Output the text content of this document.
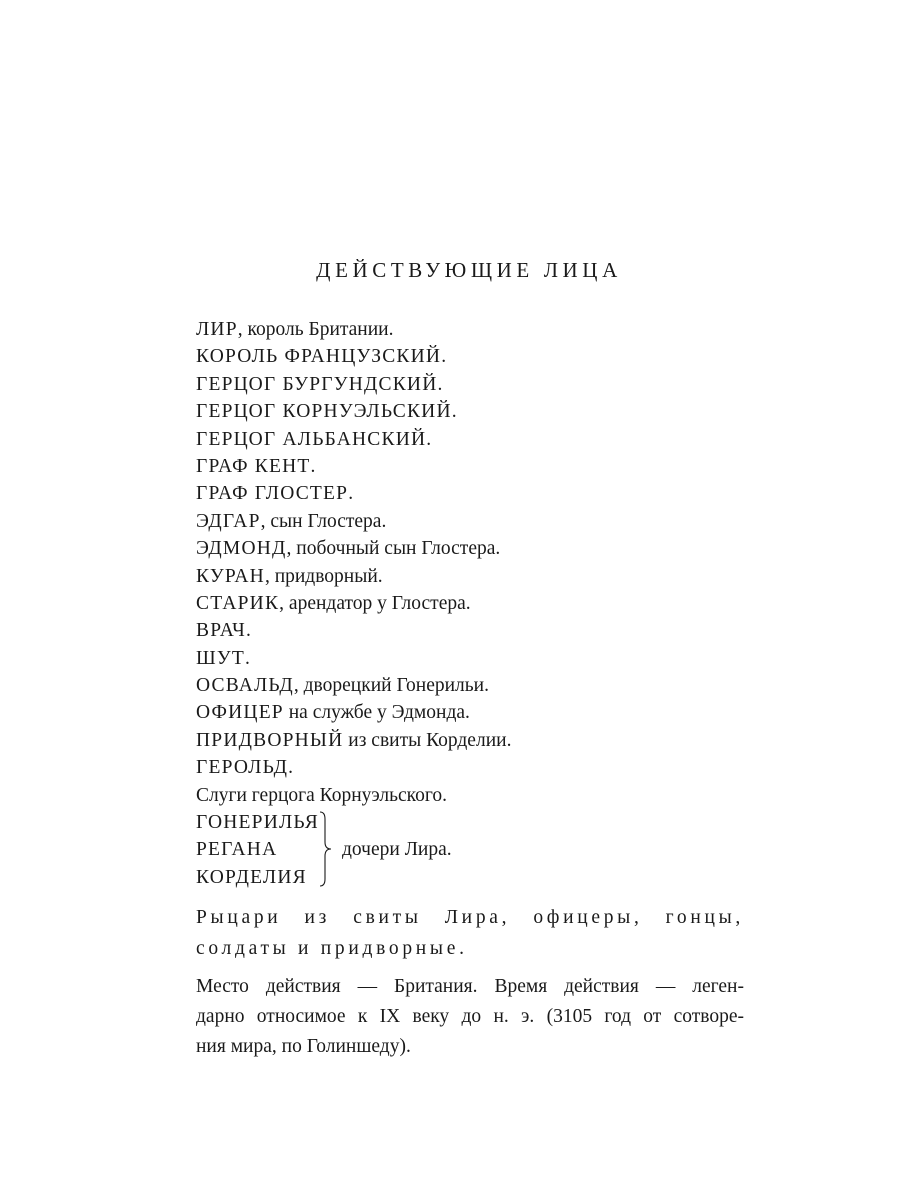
ДЕЙСТВУЮЩИЕ ЛИЦА
ЛИР, король Британии.
КОРОЛЬ ФРАНЦУЗСКИЙ.
ГЕРЦОГ БУРГУНДСКИЙ.
ГЕРЦОГ КОРНУЭЛЬСКИЙ.
ГЕРЦОГ АЛЬБАНСКИЙ.
ГРАФ КЕНТ.
ГРАФ ГЛОСТЕР.
ЭДГАР, сын Глостера.
ЭДМОНД, побочный сын Глостера.
КУРАН, придворный.
СТАРИК, арендатор у Глостера.
ВРАЧ.
ШУТ.
ОСВАЛЬД, дворецкий Гонерильи.
ОФИЦЕР на службе у Эдмонда.
ПРИДВОРНЫЙ из свиты Корделии.
ГЕРОЛЬД.
Слуги герцога Корнуэльского.
ГОНЕРИЛЬЯ
РЕГАНА
КОРДЕЛИЯ
дочери Лира.
Рыцари из свиты Лира, офицеры, гонцы,
солдаты и придворные.
Место действия — Британия. Время действия — леген-
дарно относимое к IX веку до н. э. (3105 год от сотворе-
ния мира, по Голиншеду).
